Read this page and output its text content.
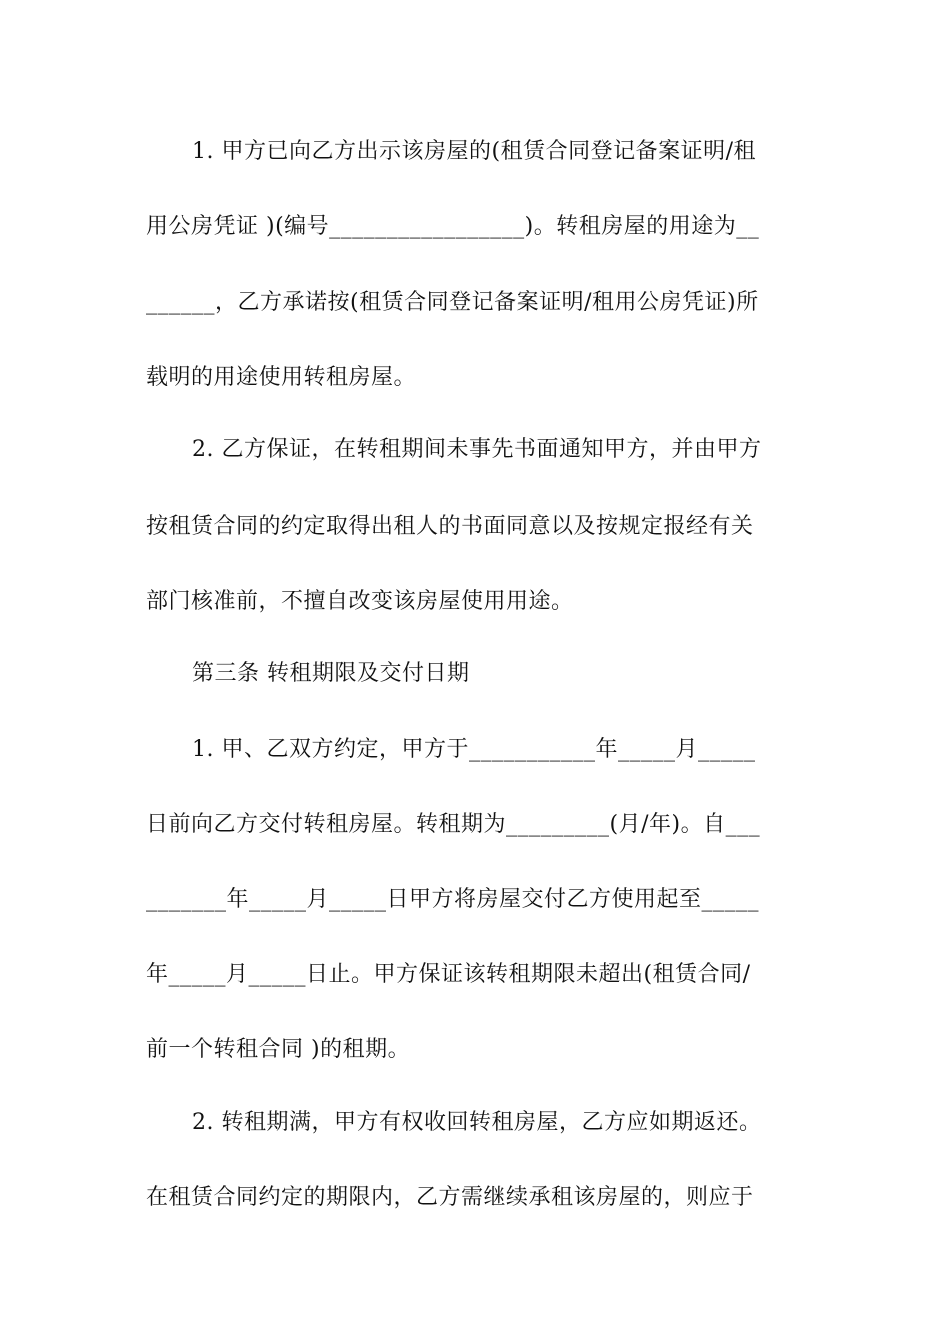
1. 甲方已向乙方出示该房屋的(租赁合同登记备案证明/租
用公房凭证 )(编号_________________)。转租房屋的用途为__
______，乙方承诺按(租赁合同登记备案证明/租用公房凭证)所
载明的用途使用转租房屋。
2. 乙方保证，在转租期间未事先书面通知甲方，并由甲方
按租赁合同的约定取得出租人的书面同意以及按规定报经有关
部门核准前，不擅自改变该房屋使用用途。
第三条 转租期限及交付日期
1. 甲、乙双方约定，甲方于___________年_____月_____
日前向乙方交付转租房屋。转租期为_________(月/年)。自___
_______年_____月_____日甲方将房屋交付乙方使用起至_____
年_____月_____日止。甲方保证该转租期限未超出(租赁合同/
前一个转租合同 )的租期。
2. 转租期满，甲方有权收回转租房屋，乙方应如期返还。
在租赁合同约定的期限内，乙方需继续承租该房屋的，则应于
